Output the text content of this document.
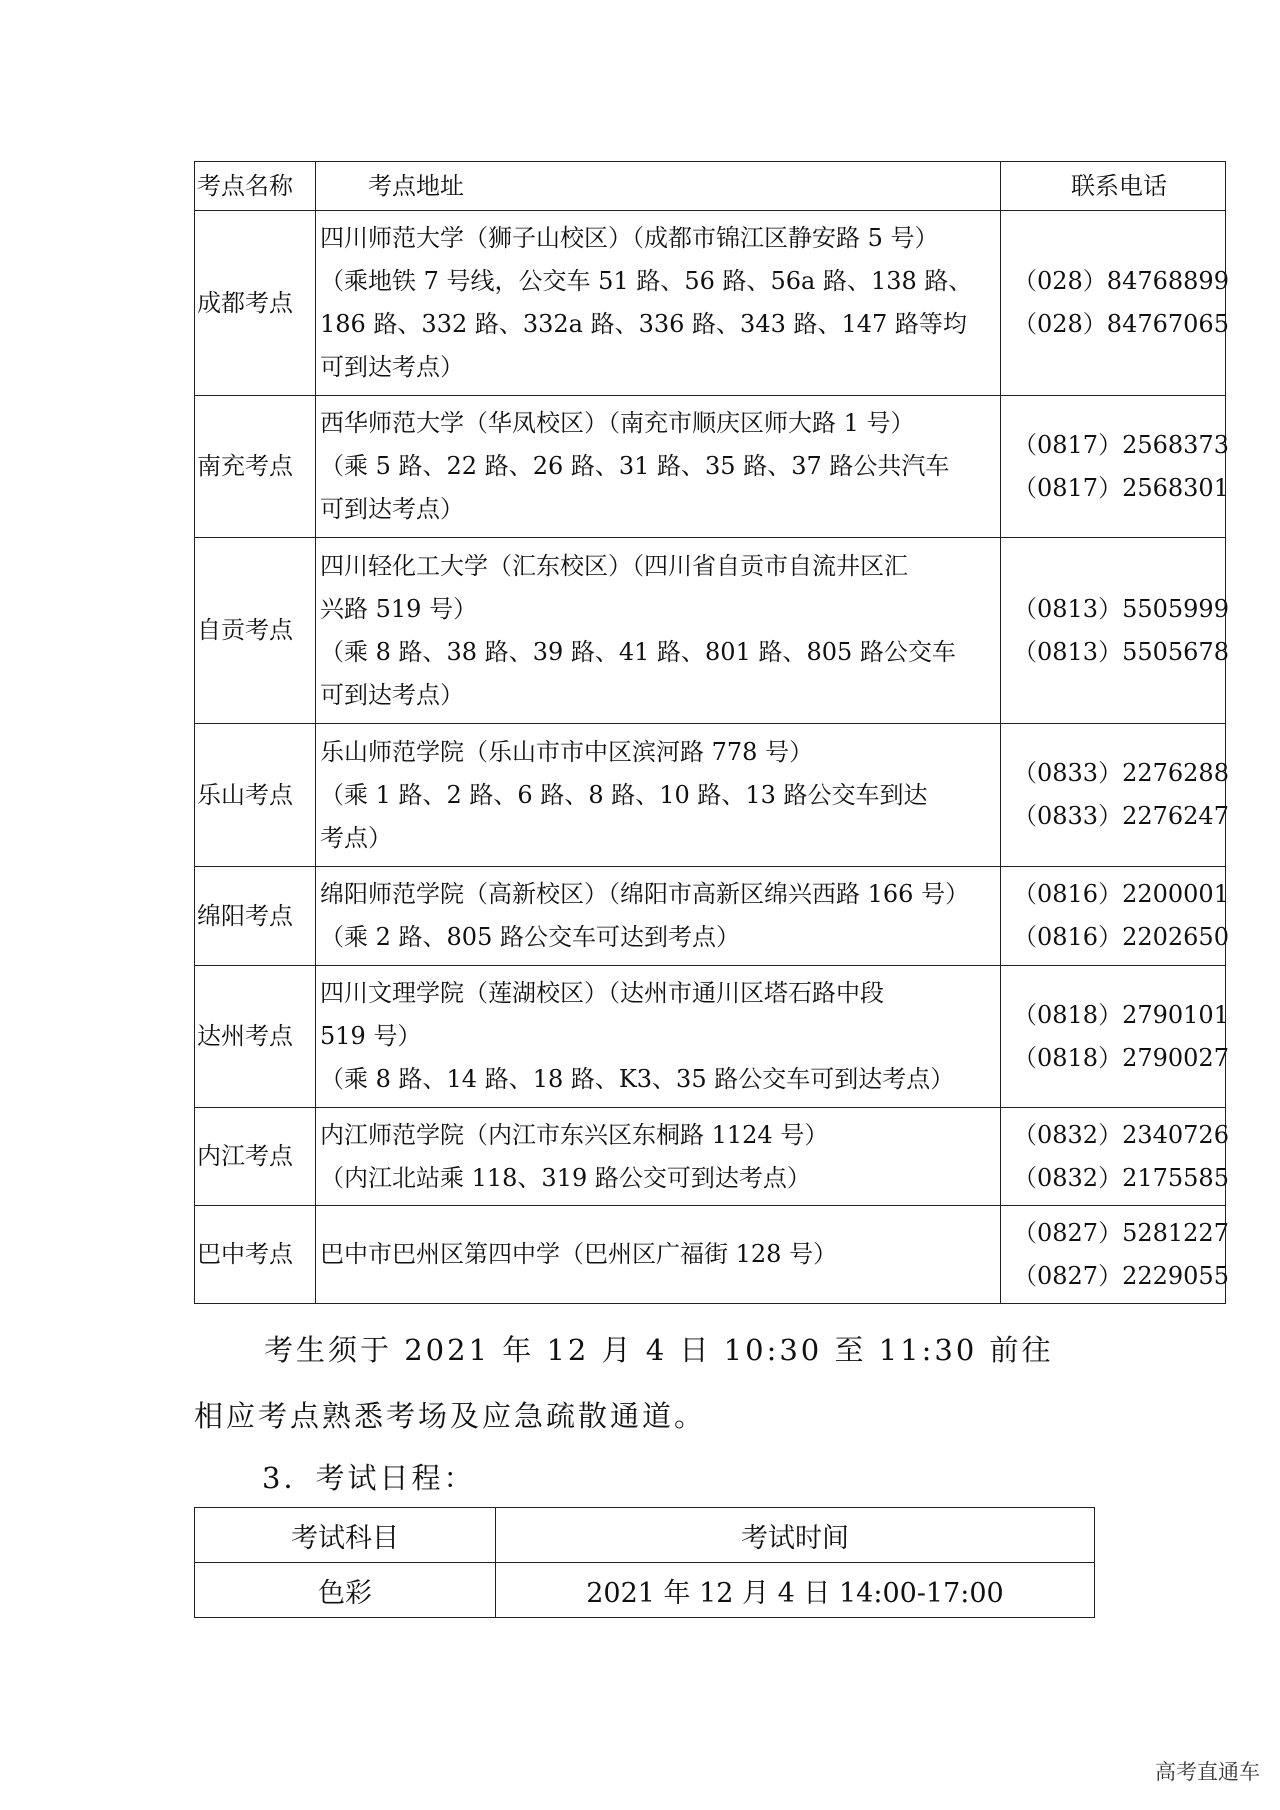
考点名称	考点地址	联系电话
成都考点	四川师范大学（狮子山校区）（成都市锦江区静安路 5 号）
（乘地铁 7 号线，公交车 51 路、56 路、56a 路、138 路、
186 路、332 路、332a 路、336 路、343 路、147 路等均
可到达考点）	（028）84768899
（028）84767065

南充考点	西华师范大学（华凤校区）（南充市顺庆区师大路 1 号）
（乘 5 路、22 路、26 路、31 路、35 路、37 路公共汽车
可到达考点）	（0817）2568373
（0817）2568301

自贡考点	四川轻化工大学（汇东校区）（四川省自贡市自流井区汇
兴路 519 号）
（乘 8 路、38 路、39 路、41 路、801 路、805 路公交车
可到达考点）	（0813）5505999
（0813）5505678

乐山考点	乐山师范学院（乐山市市中区滨河路 778 号）
（乘 1 路、2 路、6 路、8 路、10 路、13 路公交车到达
考点）	（0833）2276288
（0833）2276247

绵阳考点	绵阳师范学院（高新校区）（绵阳市高新区绵兴西路 166 号）
（乘 2 路、805 路公交车可达到考点）	（0816）2200001
（0816）2202650

达州考点	四川文理学院（莲湖校区）（达州市通川区塔石路中段
519 号）
（乘 8 路、14 路、18 路、K3、35 路公交车可到达考点）	（0818）2790101
（0818）2790027

内江考点	内江师范学院（内江市东兴区东桐路 1124 号）
（内江北站乘 118、319 路公交可到达考点）	（0832）2340726
（0832）2175585

巴中考点	巴中市巴州区第四中学（巴州区广福街 128 号）	（0827）5281227
（0827）2229055
考生须于 2021 年 12 月 4 日 10:30 至 11:30 前往相应考点熟悉考场及应急疏散通道。
3．考试日程：
考试科目	考试时间
色彩	2021 年 12 月 4 日 14:00-17:00
高考直通车
